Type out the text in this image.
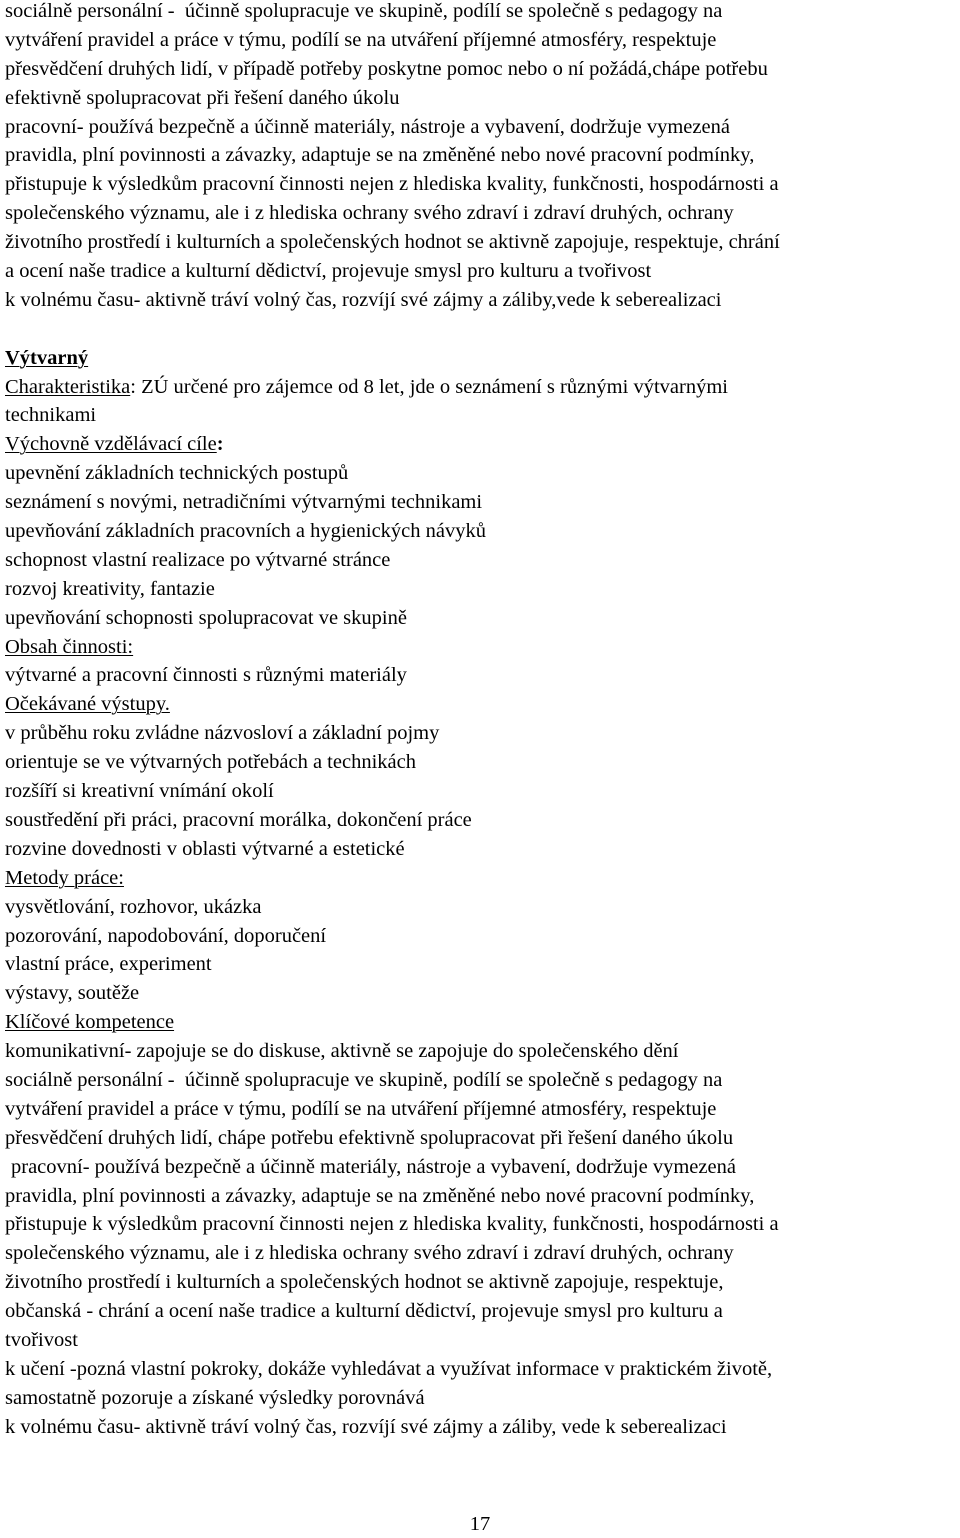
sociálně personální -  účinně spolupracuje ve skupině, podílí se společně s pedagogy na
vytváření pravidel a práce v týmu, podílí se na utváření příjemné atmosféry, respektuje
přesvědčení druhých lidí, v případě potřeby poskytne pomoc nebo o ní požádá,chápe potřebu
efektivně spolupracovat při řešení daného úkolu
pracovní- používá bezpečně a účinně materiály, nástroje a vybavení, dodržuje vymezená
pravidla, plní povinnosti a závazky, adaptuje se na změněné nebo nové pracovní podmínky,
přistupuje k výsledkům pracovní činnosti nejen z hlediska kvality, funkčnosti, hospodárnosti a
společenského významu, ale i z hlediska ochrany svého zdraví i zdraví druhých, ochrany
životního prostředí i kulturních a společenských hodnot se aktivně zapojuje, respektuje, chrání
a ocení naše tradice a kulturní dědictví, projevuje smysl pro kulturu a tvořivost
k volnému času- aktivně tráví volný čas, rozvíjí své zájmy a záliby,vede k seberealizaci
Výtvarný
Charakteristika: ZÚ určené pro zájemce od 8 let, jde o seznámení s různými výtvarnými
technikami
Výchovně vzdělávací cíle:
upevnění základních technických postupů
seznámení s novými, netradičními výtvarnými technikami
upevňování základních pracovních a hygienických návyků
schopnost vlastní realizace po výtvarné stránce
rozvoj kreativity, fantazie
upevňování schopnosti spolupracovat ve skupině
Obsah činnosti:
výtvarné a pracovní činnosti s různými materiály
Očekávané výstupy.
v průběhu roku zvládne názvosloví a základní pojmy
orientuje se ve výtvarných potřebách a technikách
rozšíří si kreativní vnímání okolí
soustředění při práci, pracovní morálka, dokončení práce
rozvine dovednosti v oblasti výtvarné a estetické
Metody práce:
vysvětlování, rozhovor, ukázka
pozorování, napodobování, doporučení
vlastní práce, experiment
výstavy, soutěže
Klíčové kompetence
komunikativní- zapojuje se do diskuse, aktivně se zapojuje do společenského dění
sociálně personální -  účinně spolupracuje ve skupině, podílí se společně s pedagogy na
vytváření pravidel a práce v týmu, podílí se na utváření příjemné atmosféry, respektuje
přesvědčení druhých lidí, chápe potřebu efektivně spolupracovat při řešení daného úkolu
pracovní- používá bezpečně a účinně materiály, nástroje a vybavení, dodržuje vymezená
pravidla, plní povinnosti a závazky, adaptuje se na změněné nebo nové pracovní podmínky,
přistupuje k výsledkům pracovní činnosti nejen z hlediska kvality, funkčnosti, hospodárnosti a
společenského významu, ale i z hlediska ochrany svého zdraví i zdraví druhých, ochrany
životního prostředí i kulturních a společenských hodnot se aktivně zapojuje, respektuje,
občanská - chrání a ocení naše tradice a kulturní dědictví, projevuje smysl pro kulturu a
tvořivost
k učení -pozná vlastní pokroky, dokáže vyhledávat a využívat informace v praktickém životě,
samostatně pozoruje a získané výsledky porovnává
k volnému času- aktivně tráví volný čas, rozvíjí své zájmy a záliby, vede k seberealizaci
17
